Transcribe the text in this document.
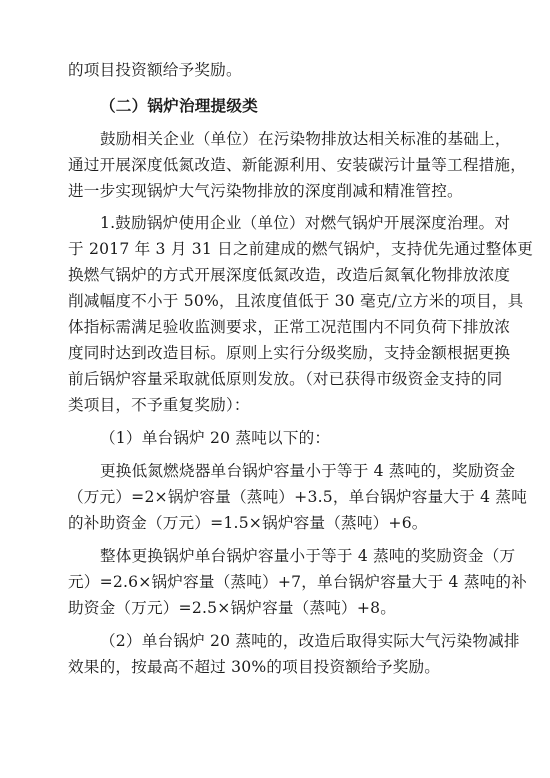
的项目投资额给予奖励。
（二）锅炉治理提级类
鼓励相关企业（单位）在污染物排放达相关标准的基础上，
通过开展深度低氮改造、新能源利用、安装碳污计量等工程措施，
进一步实现锅炉大气污染物排放的深度削减和精准管控。
1.鼓励锅炉使用企业（单位）对燃气锅炉开展深度治理。对
于 2017 年 3 月 31 日之前建成的燃气锅炉，支持优先通过整体更
换燃气锅炉的方式开展深度低氮改造，改造后氮氧化物排放浓度
削减幅度不小于 50%，且浓度值低于 30 毫克/立方米的项目，具
体指标需满足验收监测要求，正常工况范围内不同负荷下排放浓
度同时达到改造目标。原则上实行分级奖励，支持金额根据更换
前后锅炉容量采取就低原则发放。（对已获得市级资金支持的同
类项目，不予重复奖励）：
（1）单台锅炉 20 蒸吨以下的：
更换低氮燃烧器单台锅炉容量小于等于 4 蒸吨的，奖励资金
（万元）=2×锅炉容量（蒸吨）+3.5，单台锅炉容量大于 4 蒸吨
的补助资金（万元）=1.5×锅炉容量（蒸吨）+6。
整体更换锅炉单台锅炉容量小于等于 4 蒸吨的奖励资金（万
元）=2.6×锅炉容量（蒸吨）+7，单台锅炉容量大于 4 蒸吨的补
助资金（万元）=2.5×锅炉容量（蒸吨）+8。
（2）单台锅炉 20 蒸吨的，改造后取得实际大气污染物减排
效果的，按最高不超过 30%的项目投资额给予奖励。
